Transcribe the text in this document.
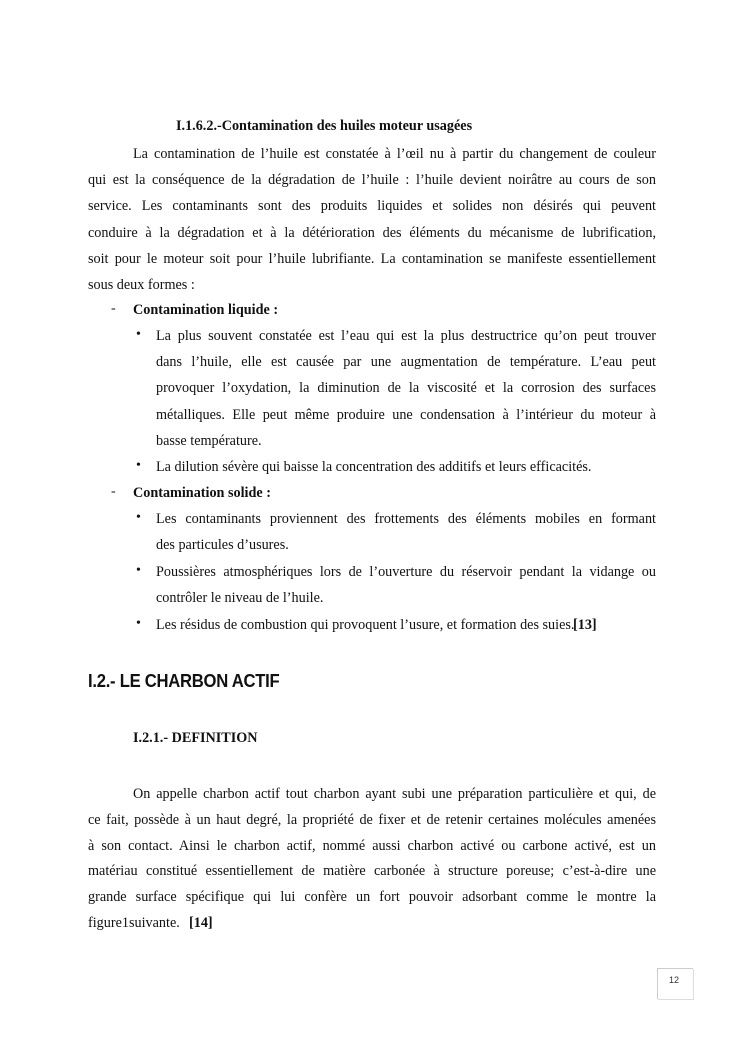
I.1.6.2.-Contamination des huiles moteur usagées
La contamination de l’huile est constatée à l’œil nu à partir du changement de couleur
qui est la conséquence de la dégradation de l’huile : l’huile devient noirâtre au cours de son
service. Les contaminants sont des produits liquides et solides non désirés qui peuvent
conduire à la dégradation et à la détérioration des éléments du mécanisme de lubrification,
soit pour le moteur soit pour l’huile lubrifiante. La contamination se manifeste essentiellement
sous deux formes :
- Contamination liquide :
• La plus souvent constatée est l’eau qui est la plus destructrice qu’on peut trouver
dans l’huile, elle est causée par une augmentation de température. L’eau peut
provoquer l’oxydation, la diminution de la viscosité et la corrosion des surfaces
métalliques. Elle peut même produire une condensation à l’intérieur du moteur à
basse température.
• La dilution sévère qui baisse la concentration des additifs et leurs efficacités.
- Contamination solide :
• Les contaminants proviennent des frottements des éléments mobiles en formant
des particules d’usures.
• Poussières atmosphériques lors de l’ouverture du réservoir pendant la vidange ou
contrôler le niveau de l’huile.
• Les résidus de combustion qui provoquent l’usure, et formation des suies.
[13]
I.2.- LE CHARBON ACTIF
I.2.1.- DEFINITION
On appelle charbon actif tout charbon ayant subi une préparation particulière et qui, de
ce fait, possède à un haut degré, la propriété de fixer et de retenir certaines molécules amenées
à son contact. Ainsi le charbon actif, nommé aussi charbon activé ou carbone activé, est un
matériau constitué essentiellement de matière carbonée à structure poreuse; c’est-à-dire une
grande surface spécifique qui lui confère un fort pouvoir adsorbant comme le montre la
figure1suivante. [14]
12
